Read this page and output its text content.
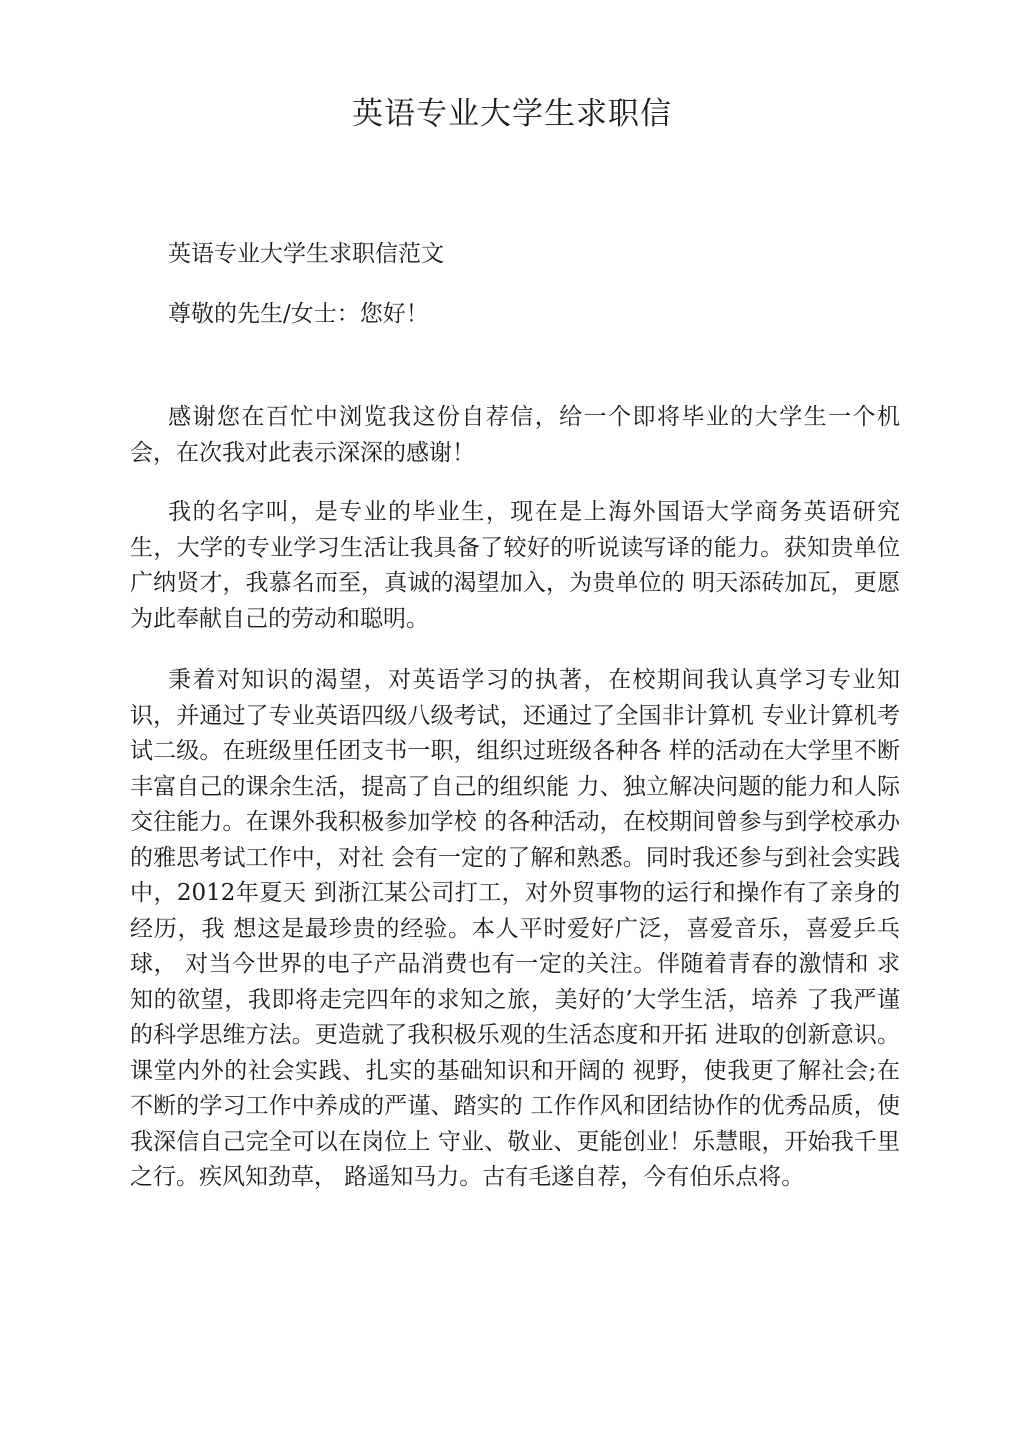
英语专业大学生求职信
英语专业大学生求职信范文
尊敬的先生/女士：您好！
感谢您在百忙中浏览我这份自荐信，给一个即将毕业的大学生一个机会，在次我对此表示深深的感谢！
我的名字叫，是专业的毕业生，现在是上海外国语大学商务英语研究生，大学的专业学习生活让我具备了较好的听说读写译的能力。获知贵单位广纳贤才，我慕名而至，真诚的渴望加入，为贵单位的 明天添砖加瓦，更愿为此奉献自己的劳动和聪明。
秉着对知识的渴望，对英语学习的执著，在校期间我认真学习专业知识，并通过了专业英语四级八级考试，还通过了全国非计算机 专业计算机考试二级。在班级里任团支书一职，组织过班级各种各 样的活动在大学里不断丰富自己的课余生活，提高了自己的组织能 力、独立解决问题的能力和人际交往能力。在课外我积极参加学校 的各种活动，在校期间曾参与到学校承办的雅思考试工作中，对社 会有一定的了解和熟悉。同时我还参与到社会实践中，2012年夏天 到浙江某公司打工，对外贸事物的运行和操作有了亲身的经历，我 想这是最珍贵的经验。本人平时爱好广泛，喜爱音乐，喜爱乒乓球， 对当今世界的电子产品消费也有一定的关注。伴随着青春的激情和 求知的欲望，我即将走完四年的求知之旅，美好的’大学生活，培养 了我严谨的科学思维方法。更造就了我积极乐观的生活态度和开拓 进取的创新意识。课堂内外的社会实践、扎实的基础知识和开阔的 视野，使我更了解社会;在不断的学习工作中养成的严谨、踏实的 工作作风和团结协作的优秀品质，使我深信自己完全可以在岗位上 守业、敬业、更能创业！乐慧眼，开始我千里之行。疾风知劲草， 路遥知马力。古有毛遂自荐，今有伯乐点将。
